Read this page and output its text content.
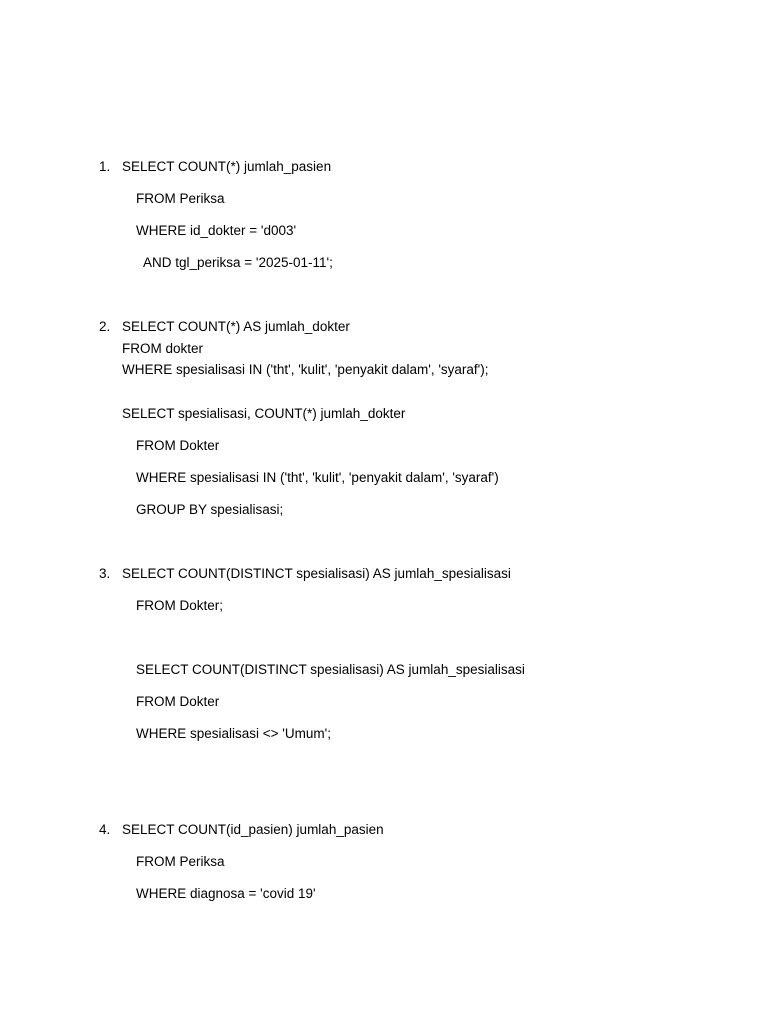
1. SELECT COUNT(*) jumlah_pasien
FROM Periksa
WHERE id_dokter = 'd003'
AND tgl_periksa = '2025-01-11';
2. SELECT COUNT(*) AS jumlah_dokter
FROM dokter
WHERE spesialisasi IN ('tht', 'kulit', 'penyakit dalam', 'syaraf');
SELECT spesialisasi, COUNT(*) jumlah_dokter
FROM Dokter
WHERE spesialisasi IN ('tht', 'kulit', 'penyakit dalam', 'syaraf')
GROUP BY spesialisasi;
3. SELECT COUNT(DISTINCT spesialisasi) AS jumlah_spesialisasi
FROM Dokter;
SELECT COUNT(DISTINCT spesialisasi) AS jumlah_spesialisasi
FROM Dokter
WHERE spesialisasi <> 'Umum';
4. SELECT COUNT(id_pasien) jumlah_pasien
FROM Periksa
WHERE diagnosa = 'covid 19'
